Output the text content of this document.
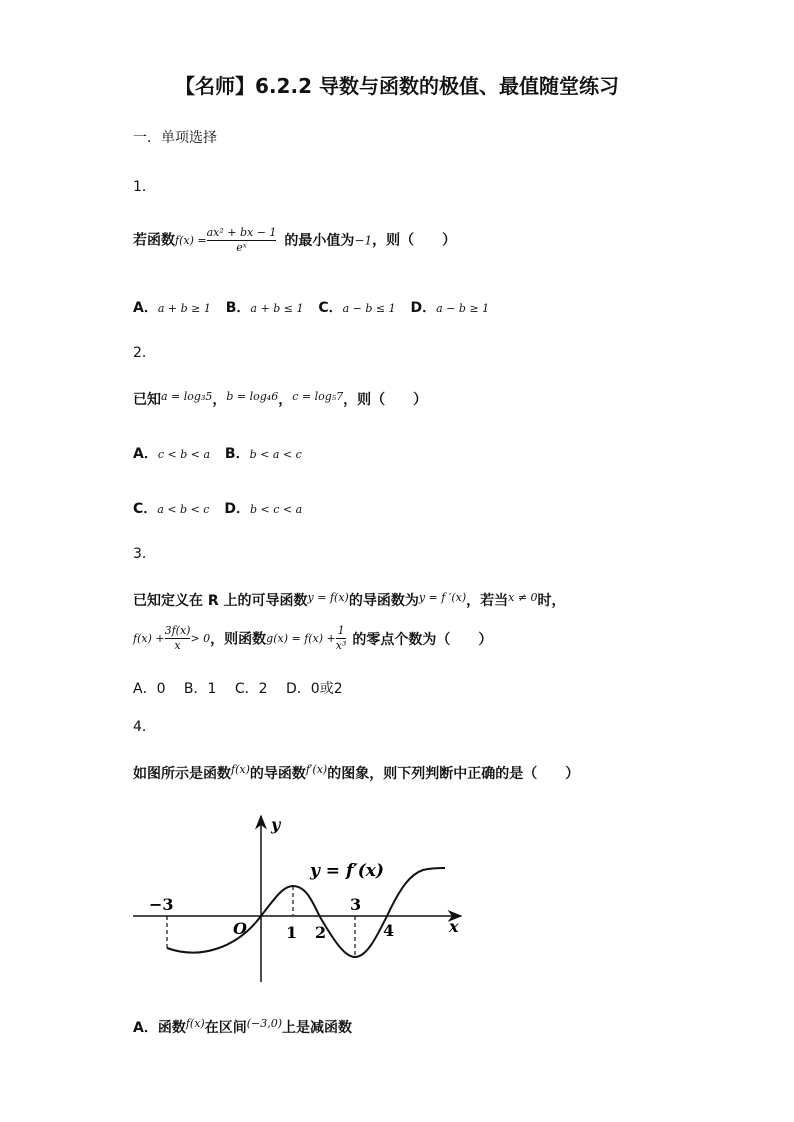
【名师】6.2.2 导数与函数的极值、最值随堂练习
一．单项选择
1．
若函数$f(x) = \frac{\text{ax² + bx − 1}}{\text{eˣ}}$ 的最小值为−1，则（　　）
A．a + b ≥ 1 B．a + b ≤ 1 C．a − b ≤ 1 D．a − b ≥ 1
2．
已知$^{a = log_35}$，$^{b = log_46}$，$^{c = log_57}$，则（　　）
A．c < b < a B．b < a < c
C．a < b < c D．b < c < a
3．
已知定义在 R 上的可导函数$^{y = f(x)}$的导函数为$^{y = f '(x)}$，若当$^{x \ne 0}$时，
$f(x) + \frac{3f(x)}{x} > 0$，则函数$g(x) = f(x) + \frac{1}{\text{x³}}$ 的零点个数为（　　）
A．0　 B．1　 C．2　 D．0或2
4．
如图所示是函数$^{f(x)}$的导函数$^{f'(x)}$的图象，则下列判断中正确的是（　　）
y
x
y = f′(x)
O
−3
1 2
3
4
A．函数$^{f(x)}$在区间$^{(-3,0)}$上是减函数
